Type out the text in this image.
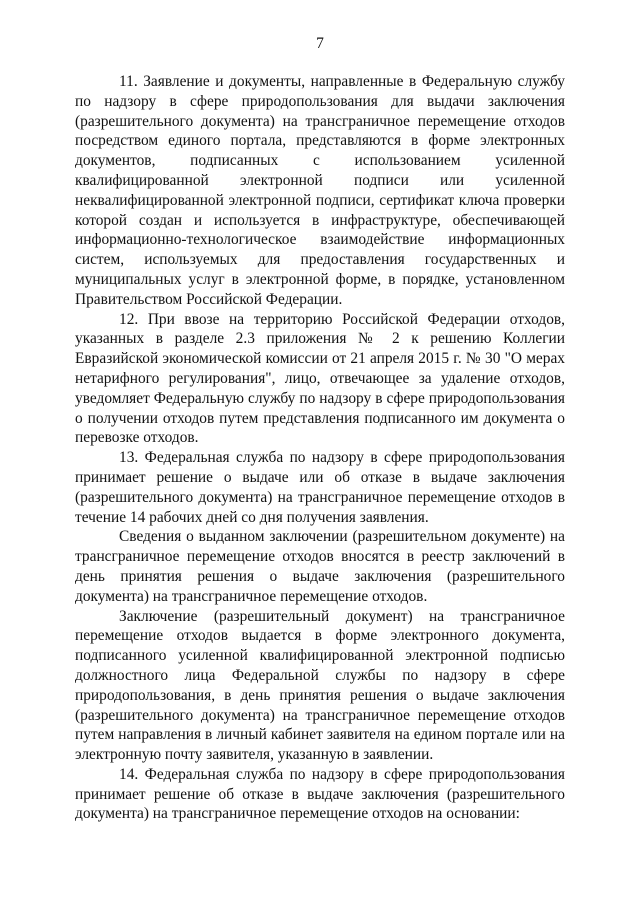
7

11. Заявление и документы, направленные в Федеральную службу по надзору в сфере природопользования для выдачи заключения (разрешительного документа) на трансграничное перемещение отходов посредством единого портала, представляются в форме электронных документов, подписанных с использованием усиленной квалифицированной электронной подписи или усиленной неквалифицированной электронной подписи, сертификат ключа проверки которой создан и используется в инфраструктуре, обеспечивающей информационно-технологическое взаимодействие информационных систем, используемых для предоставления государственных и муниципальных услуг в электронной форме, в порядке, установленном Правительством Российской Федерации.

12. При ввозе на территорию Российской Федерации отходов, указанных в разделе 2.3 приложения № 2 к решению Коллегии Евразийской экономической комиссии от 21 апреля 2015 г. № 30 "О мерах нетарифного регулирования", лицо, отвечающее за удаление отходов, уведомляет Федеральную службу по надзору в сфере природопользования о получении отходов путем представления подписанного им документа о перевозке отходов.

13. Федеральная служба по надзору в сфере природопользования принимает решение о выдаче или об отказе в выдаче заключения (разрешительного документа) на трансграничное перемещение отходов в течение 14 рабочих дней со дня получения заявления.

Сведения о выданном заключении (разрешительном документе) на трансграничное перемещение отходов вносятся в реестр заключений в день принятия решения о выдаче заключения (разрешительного документа) на трансграничное перемещение отходов.

Заключение (разрешительный документ) на трансграничное перемещение отходов выдается в форме электронного документа, подписанного усиленной квалифицированной электронной подписью должностного лица Федеральной службы по надзору в сфере природопользования, в день принятия решения о выдаче заключения (разрешительного документа) на трансграничное перемещение отходов путем направления в личный кабинет заявителя на едином портале или на электронную почту заявителя, указанную в заявлении.

14. Федеральная служба по надзору в сфере природопользования принимает решение об отказе в выдаче заключения (разрешительного документа) на трансграничное перемещение отходов на основании:
